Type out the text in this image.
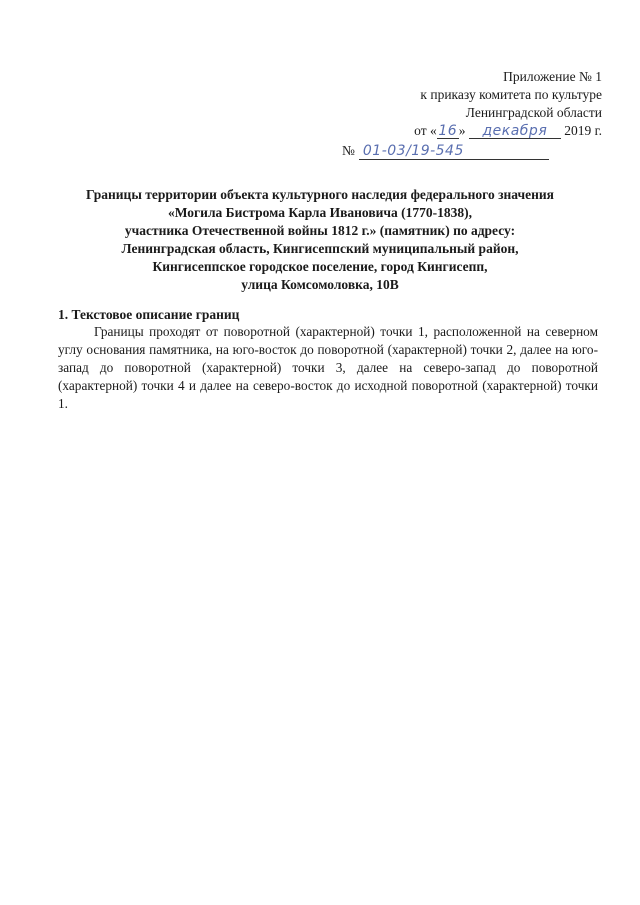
Приложение № 1
к приказу комитета по культуре
Ленинградской области
от « 16 » декабря 2019 г.
№ 01-03/19-545
Границы территории объекта культурного наследия федерального значения
«Могила Бистрома Карла Ивановича (1770-1838),
участника Отечественной войны 1812 г.» (памятник) по адресу:
Ленинградская область, Кингисеппский муниципальный район,
Кингисеппское городское поселение, город Кингисепп,
улица Комсомоловка, 10В
1. Текстовое описание границ

Границы проходят от поворотной (характерной) точки 1, расположенной на северном углу основания памятника, на юго-восток до поворотной (характерной) точки 2, далее на юго-запад до поворотной (характерной) точки 3, далее на северо-запад до поворотной (характерной) точки 4 и далее на северо-восток до исходной поворотной (характерной) точки 1.
